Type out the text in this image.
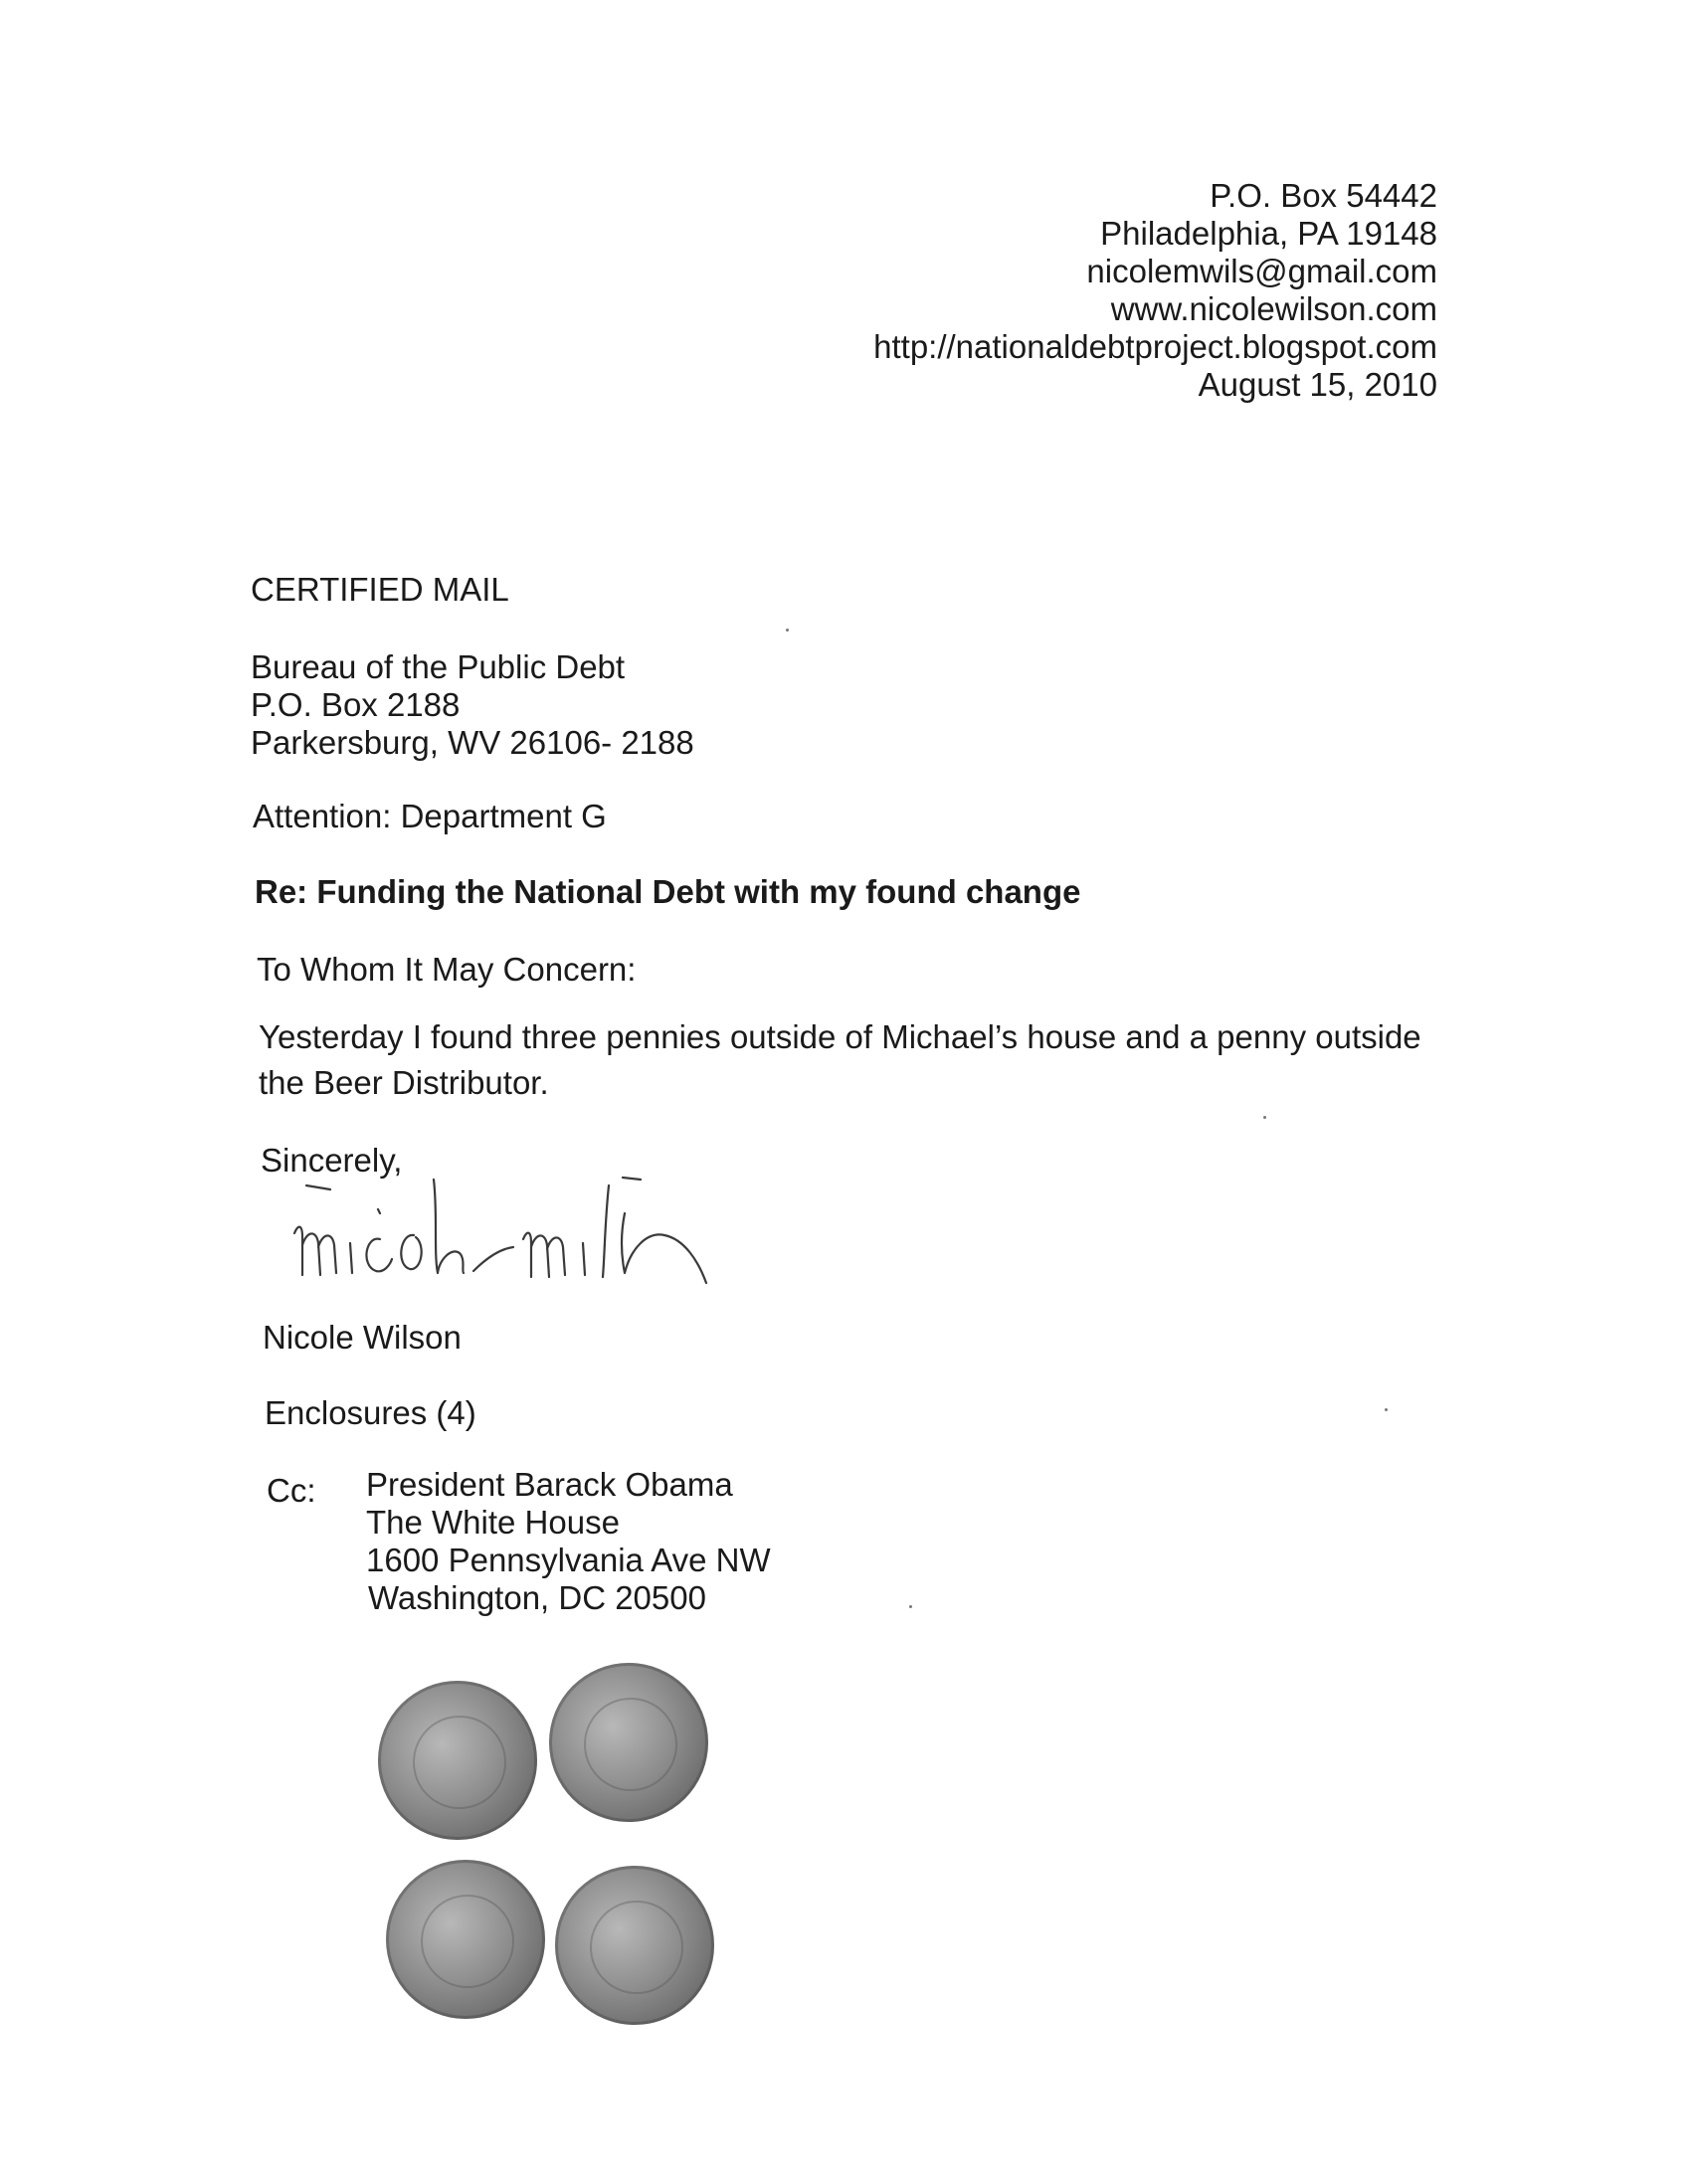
P.O. Box 54442
Philadelphia, PA 19148
nicolemwils@gmail.com
www.nicolewilson.com
http://nationaldebtproject.blogspot.com
August 15, 2010
CERTIFIED MAIL
Bureau of the Public Debt
P.O. Box 2188
Parkersburg, WV 26106- 2188
Attention: Department G
Re: Funding the National Debt with my found change
To Whom It May Concern:
Yesterday I found three pennies outside of Michael’s house and a penny outside
the Beer Distributor.
Sincerely,
Nicole Wilson
Enclosures (4)
Cc: President Barack Obama
The White House
1600 Pennsylvania Ave NW
Washington, DC 20500
